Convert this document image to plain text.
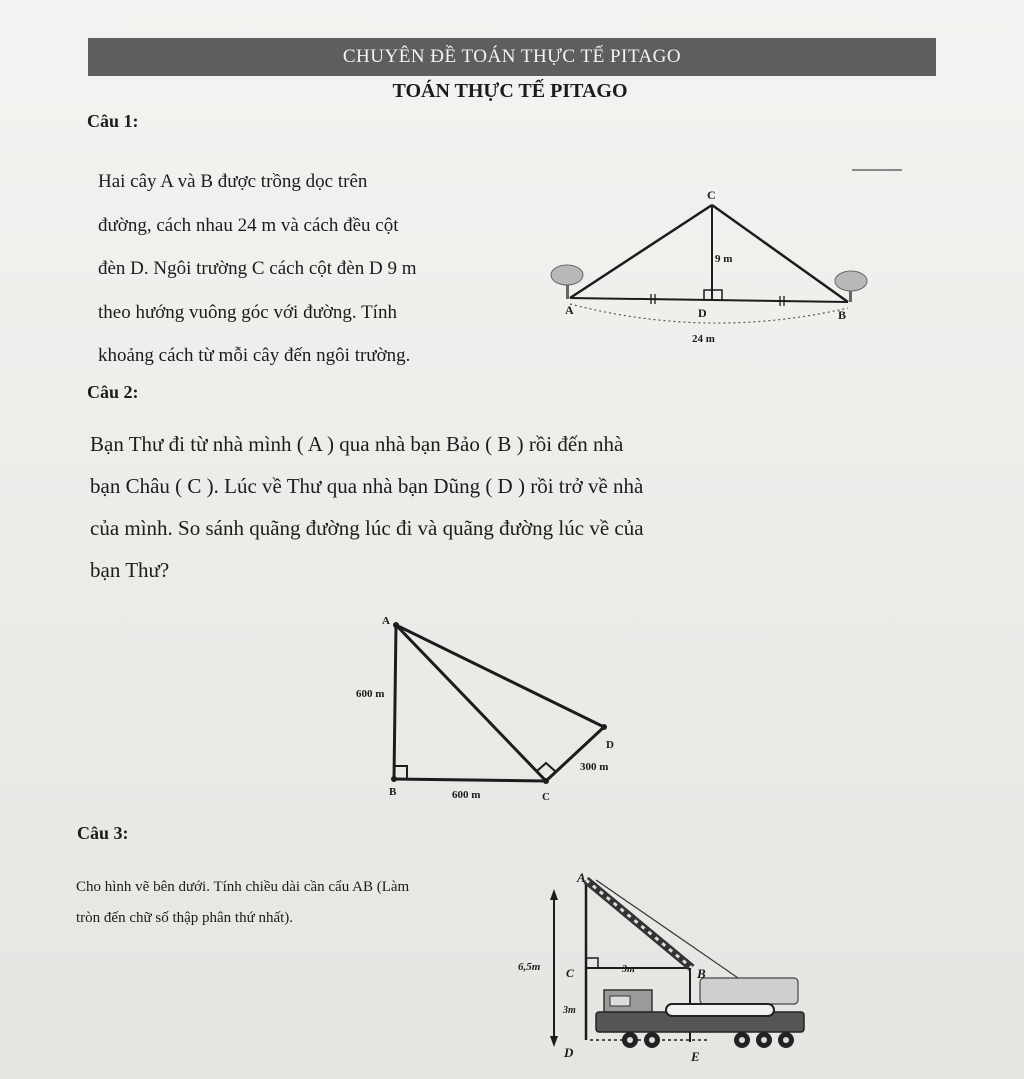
CHUYÊN ĐỀ TOÁN THỰC TẾ PITAGO
TOÁN THỰC TẾ PITAGO
Câu 1:

Hai cây A và B được trồng dọc trên
đường, cách nhau 24 m và cách đều cột
đèn D. Ngôi trường C cách cột đèn D 9 m
theo hướng vuông góc với đường. Tính
khoảng cách từ mỗi cây đến ngôi trường.

C
9 m
A	D	B
24 m
A
600 m
B	600 m	C
D
300 m
A
6,5m C	3m	B
3m
D	E
Câu 2:

Bạn Thư đi từ nhà mình ( A ) qua nhà bạn Bảo ( B ) rồi đến nhà
bạn Châu ( C ). Lúc về Thư qua nhà bạn Dũng ( D ) rồi trở về nhà
của mình. So sánh quãng đường lúc đi và quãng đường lúc về của
bạn Thư?

Câu 3:

Cho hình vẽ bên dưới. Tính chiều dài cần cẩu AB (Làm
tròn đến chữ số thập phân thứ nhất).
